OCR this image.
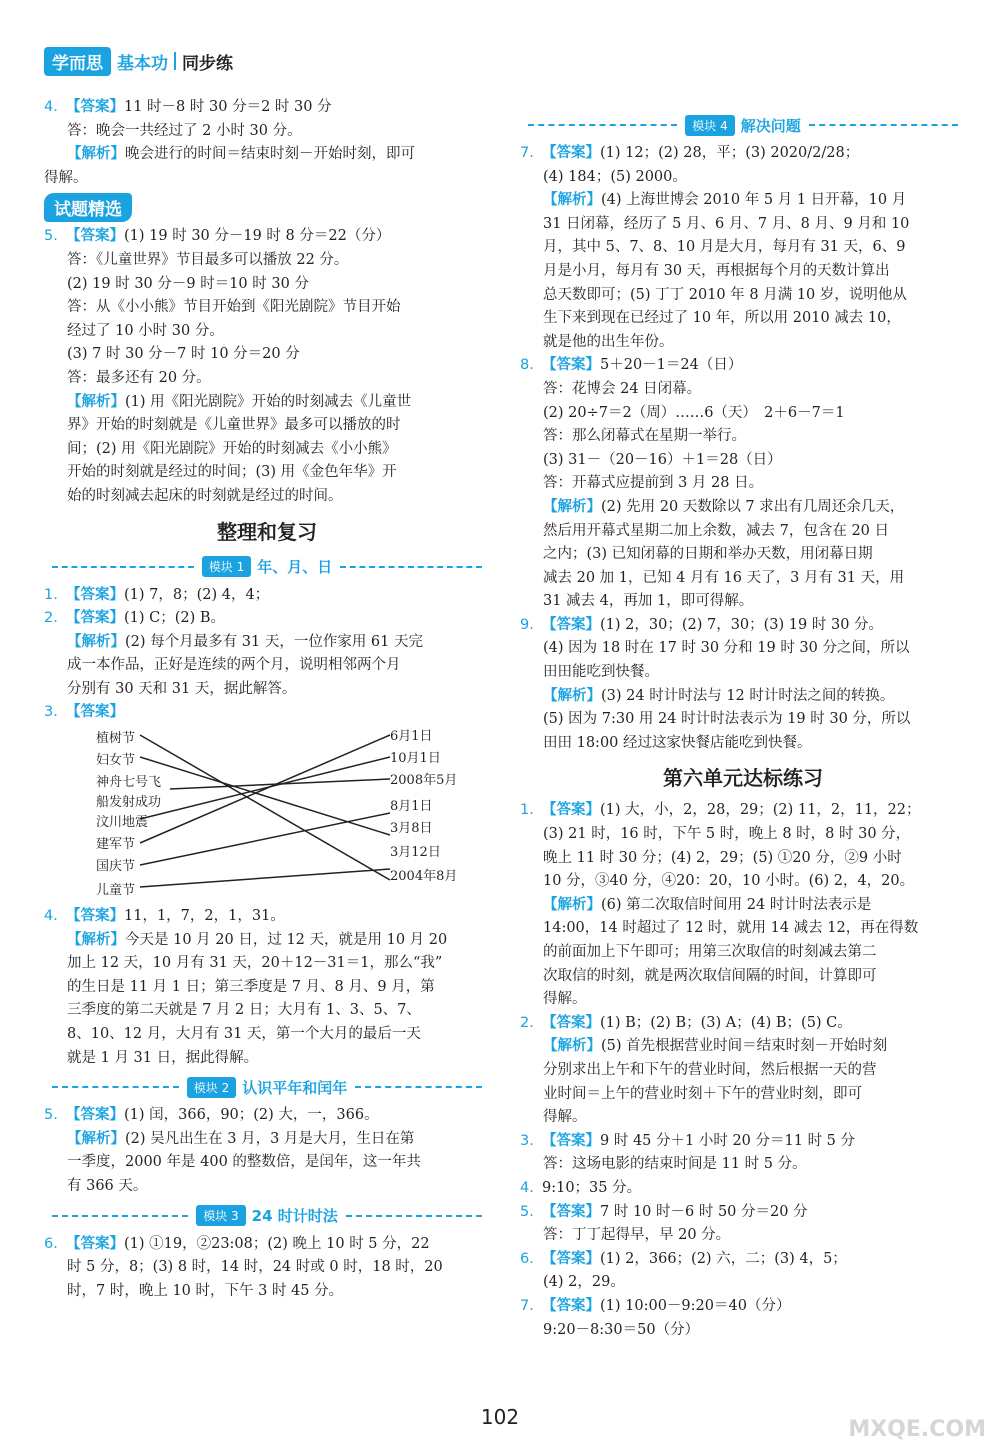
学而思 基本功 同步练
4. 【答案】11 时－8 时 30 分＝2 时 30 分
答：晚会一共经过了 2 小时 30 分。
【解析】晚会进行的时间＝结束时刻－开始时刻，即可
得解。
试题精选
5. 【答案】(1) 19 时 30 分－19 时 8 分＝22（分）
答：《儿童世界》节目最多可以播放 22 分。
(2) 19 时 30 分－9 时＝10 时 30 分
答：从《小小熊》节目开始到《阳光剧院》节目开始
经过了 10 小时 30 分。
(3) 7 时 30 分－7 时 10 分＝20 分
答：最多还有 20 分。
【解析】(1) 用《阳光剧院》开始的时刻减去《儿童世
界》开始的时刻就是《儿童世界》最多可以播放的时
间；(2) 用《阳光剧院》开始的时刻减去《小小熊》
开始的时刻就是经过的时间；(3) 用《金色年华》开
始的时刻减去起床的时刻就是经过的时间。
整理和复习
模块 1 年、月、日
1. 【答案】(1) 7，8；(2) 4，4；
2. 【答案】(1) C；(2) B。
【解析】(2) 每个月最多有 31 天，一位作家用 61 天完
成一本作品，正好是连续的两个月，说明相邻两个月
分别有 30 天和 31 天，据此解答。
3. 【答案】
植树节
妇女节
神舟七号飞
船发射成功
汶川地震
建军节
国庆节
儿童节
6月1日
10月1日
2008年5月
8月1日
3月8日
3月12日
2004年8月
4. 【答案】11，1，7，2，1，31。
【解析】今天是 10 月 20 日，过 12 天，就是用 10 月 20
加上 12 天，10 月有 31 天，20＋12－31＝1，那么“我”
的生日是 11 月 1 日；第三季度是 7 月、8 月、9 月，第
三季度的第二天就是 7 月 2 日；大月有 1、3、5、7、
8、10、12 月，大月有 31 天，第一个大月的最后一天
就是 1 月 31 日，据此得解。
模块 2 认识平年和闰年
5. 【答案】(1) 闰，366，90；(2) 大，一，366。
【解析】(2) 吴凡出生在 3 月，3 月是大月，生日在第
一季度，2000 年是 400 的整数倍，是闰年，这一年共
有 366 天。
模块 3 24 时计时法
6. 【答案】(1) ①19，②23:08；(2) 晚上 10 时 5 分，22
时 5 分，8；(3) 8 时，14 时，24 时或 0 时，18 时，20
时，7 时，晚上 10 时，下午 3 时 45 分。
模块 4 解决问题
7. 【答案】(1) 12；(2) 28，平；(3) 2020/2/28；
(4) 184；(5) 2000。
【解析】(4) 上海世博会 2010 年 5 月 1 日开幕，10 月
31 日闭幕，经历了 5 月、6 月、7 月、8 月、9 月和 10
月，其中 5、7、8、10 月是大月，每月有 31 天，6、9
月是小月，每月有 30 天，再根据每个月的天数计算出
总天数即可；(5) 丁丁 2010 年 8 月满 10 岁，说明他从
生下来到现在已经过了 10 年，所以用 2010 减去 10，
就是他的出生年份。
8. 【答案】5＋20－1＝24（日）
答：花博会 24 日闭幕。
(2) 20÷7＝2（周）……6（天）　2＋6－7＝1
答：那么闭幕式在星期一举行。
(3) 31－（20－16）＋1＝28（日）
答：开幕式应提前到 3 月 28 日。
【解析】(2) 先用 20 天数除以 7 求出有几周还余几天，
然后用开幕式星期二加上余数，减去 7，包含在 20 日
之内；(3) 已知闭幕的日期和举办天数，用闭幕日期
减去 20 加 1，已知 4 月有 16 天了，3 月有 31 天，用
31 减去 4，再加 1，即可得解。
9. 【答案】(1) 2，30；(2) 7，30；(3) 19 时 30 分。
(4) 因为 18 时在 17 时 30 分和 19 时 30 分之间，所以
田田能吃到快餐。
【解析】(3) 24 时计时法与 12 时计时法之间的转换。
(5) 因为 7:30 用 24 时计时法表示为 19 时 30 分，所以
田田 18:00 经过这家快餐店能吃到快餐。
第六单元达标练习
1. 【答案】(1) 大，小，2，28，29；(2) 11，2，11，22；
(3) 21 时，16 时，下午 5 时，晚上 8 时，8 时 30 分，
晚上 11 时 30 分；(4) 2，29；(5) ①20 分，②9 小时
10 分，③40 分，④20：20，10 小时。(6) 2，4，20。
【解析】(6) 第二次取信时间用 24 时计时法表示是
14:00，14 时超过了 12 时，就用 14 减去 12，再在得数
的前面加上下午即可；用第三次取信的时刻减去第二
次取信的时刻，就是两次取信间隔的时间，计算即可
得解。
2. 【答案】(1) B；(2) B；(3) A；(4) B；(5) C。
【解析】(5) 首先根据营业时间＝结束时刻－开始时刻
分别求出上午和下午的营业时间，然后根据一天的营
业时间＝上午的营业时刻＋下午的营业时刻，即可
得解。
3. 【答案】9 时 45 分＋1 小时 20 分＝11 时 5 分
答：这场电影的结束时间是 11 时 5 分。
4. 9:10；35 分。
5. 【答案】7 时 10 时－6 时 50 分＝20 分
答：丁丁起得早，早 20 分。
6. 【答案】(1) 2，366；(2) 六，二；(3) 4，5；
(4) 2，29。
7. 【答案】(1) 10:00－9:20＝40（分）
9:20－8:30＝50（分）
102	MXQE.COM
